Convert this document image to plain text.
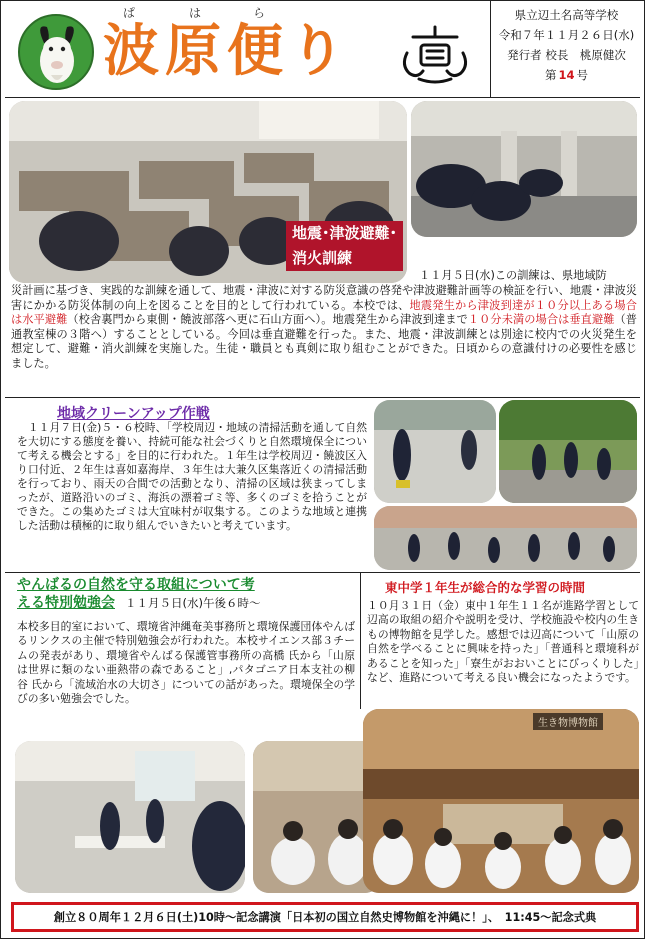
ぱ	は	ら
波原便り
県立辺土名高等学校
令和７年１１月２６日(水)
発行者 校長　桃原健次
第 14 号
地震･津波避難･
消火訓練
１１月５日(水)この訓練は、県地域防
災計画に基づき、実践的な訓練を通して、地震・津波に対する防災意識の啓発や津波避難計画等の検証を行い、地震・津波災害にかかる防災体制の向上を図ることを目的として行われている。本校では、地震発生から津波到達が１０分以上ある場合は水平避難（校舎裏門から東側・饒波部落へ更に石山方面へ）。地震発生から津波到達まで１０分未満の場合は垂直避難（普通教室棟の３階へ）することとしている。今回は垂直避難を行った。また、地震・津波訓練とは別途に校内での火災発生を想定して、避難・消火訓練を実施した。生徒・職員とも真剣に取り組むことができた。日頃からの意識付けの必要性を感じました。
地域クリーンアップ作戦
　１１月７日(金)５・６校時、「学校周辺・地域の清掃活動を通して自然を大切にする態度を養い、持続可能な社会づくりと自然環境保全について考える機会とする」を目的に行われた。１年生は学校周辺・饒波区入り口付近、２年生は喜如嘉海岸、３年生は大兼久区集落近くの清掃活動を行っており、雨天の合間での活動となり、清掃の区域は狭まってしまったが、道路沿いのゴミ、海浜の漂着ゴミ等、多くのゴミを拾うことができた。この集めたゴミは大宜味村が収集する。このような地域と連携した活動は積極的に取り組んでいきたいと考えています。
やんばるの自然を守る取組について考
える特別勉強会 １１月５日(水)午後６時～
本校多目的室において、環境省沖縄奄美事務所と環境保護団体やんばるリンクスの主催で特別勉強会が行われた。本校サイエンス部３チームの発表があり、環境省やんばる保護管事務所の高橋 氏から「山原は世界に類のない亜熱帯の森であること」,パタゴニア日本支社の柳谷 氏から「流域治水の大切さ」についての話があった。環境保全の学びの多い勉強会でした。
東中学１年生が総合的な学習の時間
１０月３１日（金）東中１年生１１名が進路学習として辺高の取組の紹介や説明を受け、学校施設や校内の生きもの博物館を見学した。感想では辺高について「山原の自然を学べることに興味を持った」「普通科と環境科があることを知った」「寮生がおおいことにびっくりした」など、進路について考える良い機会になったようです。
生き物博物館
創立８０周年１２月６日(土)10時～記念講演「日本初の国立自然史博物館を沖縄に！」、　11:45～記念式典
